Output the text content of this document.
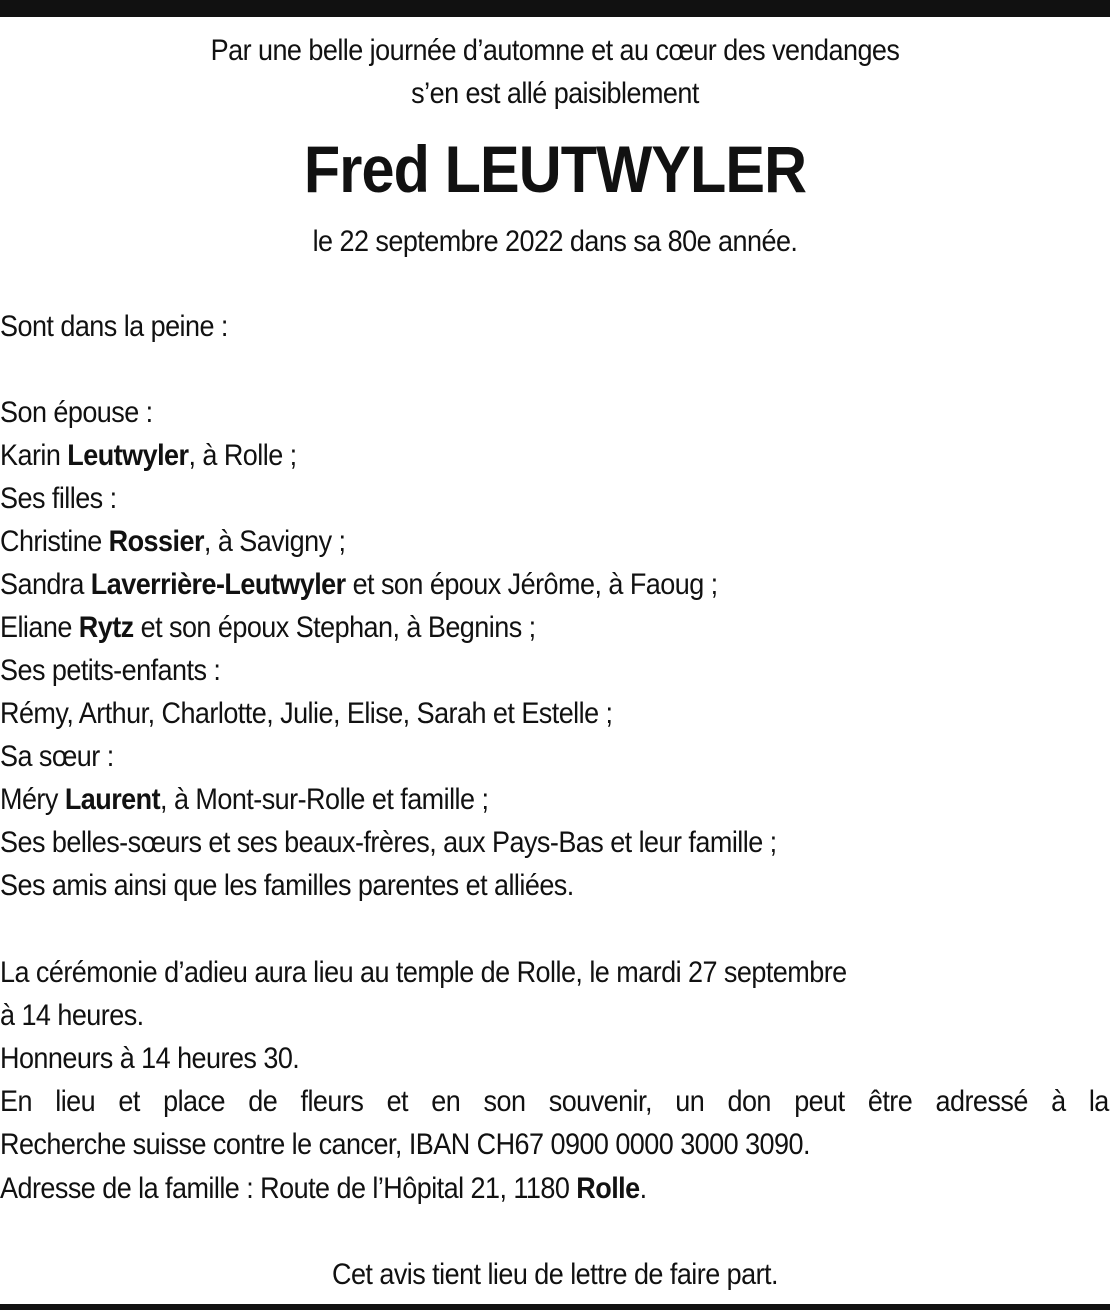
Par une belle journée d’automne et au cœur des vendanges
s’en est allé paisiblement
Fred LEUTWYLER
le 22 septembre 2022 dans sa 80e année.
Sont dans la peine :
Son épouse :
Karin Leutwyler, à Rolle ;
Ses filles :
Christine Rossier, à Savigny ;
Sandra Laverrière-Leutwyler et son époux Jérôme, à Faoug ;
Eliane Rytz et son époux Stephan, à Begnins ;
Ses petits-enfants :
Rémy, Arthur, Charlotte, Julie, Elise, Sarah et Estelle ;
Sa sœur :
Méry Laurent, à Mont-sur-Rolle et famille ;
Ses belles-sœurs et ses beaux-frères, aux Pays-Bas et leur famille ;
Ses amis ainsi que les familles parentes et alliées.
La cérémonie d’adieu aura lieu au temple de Rolle, le mardi 27 septembre
à 14 heures.
Honneurs à 14 heures 30.
En lieu et place de fleurs et en son souvenir, un don peut être adressé à la
Recherche suisse contre le cancer, IBAN CH67 0900 0000 3000 3090.
Adresse de la famille : Route de l’Hôpital 21, 1180 Rolle.
Cet avis tient lieu de lettre de faire part.
